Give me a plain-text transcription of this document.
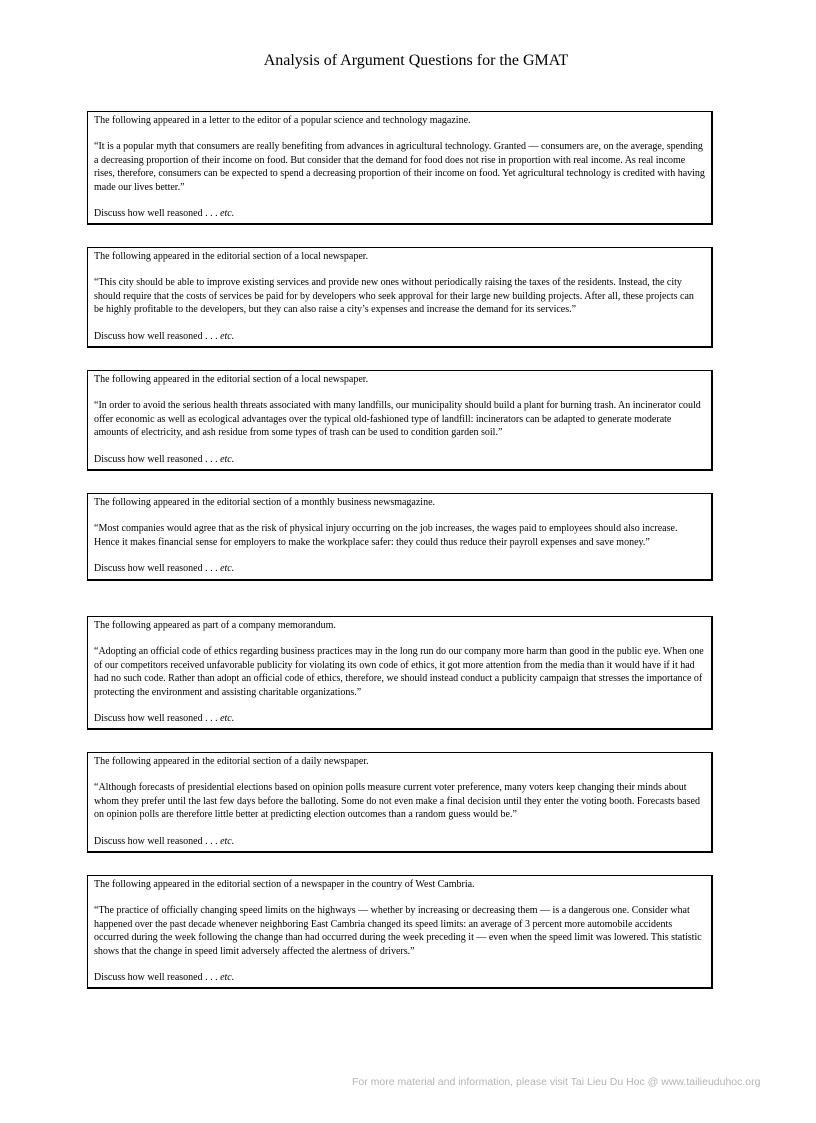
Analysis of Argument Questions for the GMAT

The following appeared in a letter to the editor of a popular science and technology magazine.

“It is a popular myth that consumers are really benefiting from advances in agricultural technology. Granted — consumers are, on the average, spending a decreasing proportion of their income on food. But consider that the demand for food does not rise in proportion with real income. As real income rises, therefore, consumers can be expected to spend a decreasing proportion of their income on food. Yet agricultural technology is credited with having made our lives better.”

Discuss how well reasoned . . . etc.

The following appeared in the editorial section of a local newspaper.

“This city should be able to improve existing services and provide new ones without periodically raising the taxes of the residents. Instead, the city should require that the costs of services be paid for by developers who seek approval for their large new building projects. After all, these projects can be highly profitable to the developers, but they can also raise a city’s expenses and increase the demand for its services.”

Discuss how well reasoned . . . etc.

The following appeared in the editorial section of a local newspaper.

“In order to avoid the serious health threats associated with many landfills, our municipality should build a plant for burning trash. An incinerator could offer economic as well as ecological advantages over the typical old-fashioned type of landfill: incinerators can be adapted to generate moderate amounts of electricity, and ash residue from some types of trash can be used to condition garden soil.”

Discuss how well reasoned . . . etc.

The following appeared in the editorial section of a monthly business newsmagazine.

“Most companies would agree that as the risk of physical injury occurring on the job increases, the wages paid to employees should also increase. Hence it makes financial sense for employers to make the workplace safer: they could thus reduce their payroll expenses and save money.”

Discuss how well reasoned . . . etc.

The following appeared as part of a company memorandum.

“Adopting an official code of ethics regarding business practices may in the long run do our company more harm than good in the public eye. When one of our competitors received unfavorable publicity for violating its own code of ethics, it got more attention from the media than it would have if it had had no such code. Rather than adopt an official code of ethics, therefore, we should instead conduct a publicity campaign that stresses the importance of protecting the environment and assisting charitable organizations.”

Discuss how well reasoned . . . etc.

The following appeared in the editorial section of a daily newspaper.

“Although forecasts of presidential elections based on opinion polls measure current voter preference, many voters keep changing their minds about whom they prefer until the last few days before the balloting. Some do not even make a final decision until they enter the voting booth. Forecasts based on opinion polls are therefore little better at predicting election outcomes than a random guess would be.”

Discuss how well reasoned . . . etc.

The following appeared in the editorial section of a newspaper in the country of West Cambria.

“The practice of officially changing speed limits on the highways — whether by increasing or decreasing them — is a dangerous one. Consider what happened over the past decade whenever neighboring East Cambria changed its speed limits: an average of 3 percent more automobile accidents occurred during the week following the change than had occurred during the week preceding it — even when the speed limit was lowered. This statistic shows that the change in speed limit adversely affected the alertness of drivers.”

Discuss how well reasoned . . . etc.

For more material and information, please visit Tai Lieu Du Hoc @ www.tailieuduhoc.org
